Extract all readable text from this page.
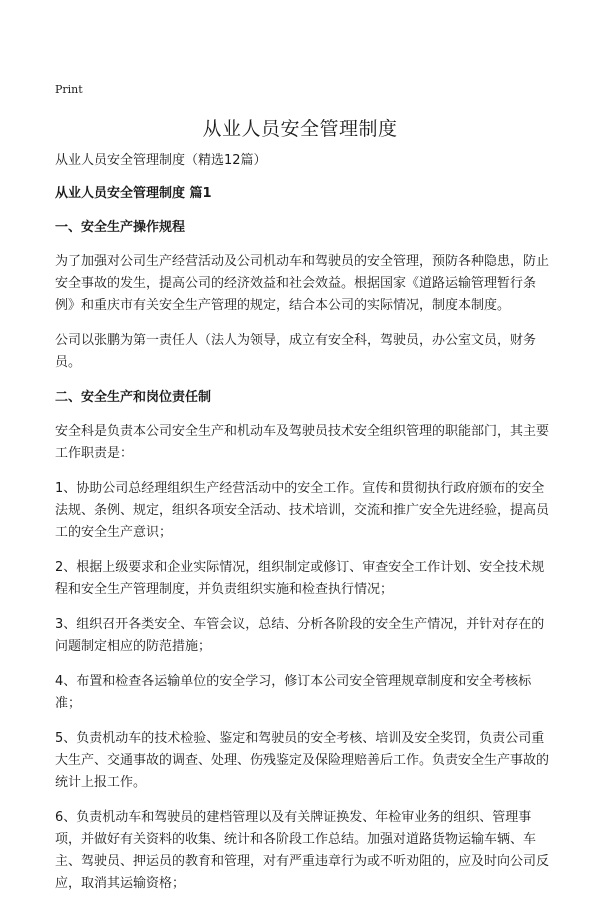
Print
从业人员安全管理制度

从业人员安全管理制度（精选12篇）

从业人员安全管理制度 篇1
一、安全生产操作规程

为了加强对公司生产经营活动及公司机动车和驾驶员的安全管理，预防各种隐患，防止安全事故的发生，提高公司的经济效益和社会效益。根据国家《道路运输管理暂行条例》和重庆市有关安全生产管理的规定，结合本公司的实际情况，制度本制度。

公司以张鹏为第一责任人（法人为领导，成立有安全科，驾驶员，办公室文员，财务员。

二、安全生产和岗位责任制

安全科是负责本公司安全生产和机动车及驾驶员技术安全组织管理的职能部门，其主要工作职责是：

1、协助公司总经理组织生产经营活动中的安全工作。宣传和贯彻执行政府颁布的安全法规、条例、规定，组织各项安全活动、技术培训，交流和推广安全先进经验，提高员工的安全生产意识；

2、根据上级要求和企业实际情况，组织制定或修订、审查安全工作计划、安全技术规程和安全生产管理制度，并负责组织实施和检查执行情况；

3、组织召开各类安全、车管会议，总结、分析各阶段的安全生产情况，并针对存在的问题制定相应的防范措施；

4、布置和检查各运输单位的安全学习，修订本公司安全管理规章制度和安全考核标准；

5、负责机动车的技术检验、鉴定和驾驶员的安全考核、培训及安全奖罚，负责公司重大生产、交通事故的调查、处理、伤残鉴定及保险理赔善后工作。负责安全生产事故的统计上报工作。

6、负责机动车和驾驶员的建档管理以及有关牌证换发、年检审业务的组织、管理事项，并做好有关资料的收集、统计和各阶段工作总结。加强对道路货物运输车辆、车主、驾驶员、押运员的教育和管理，对有严重违章行为或不听劝阻的，应及时向公司反应，取消其运输资格；
